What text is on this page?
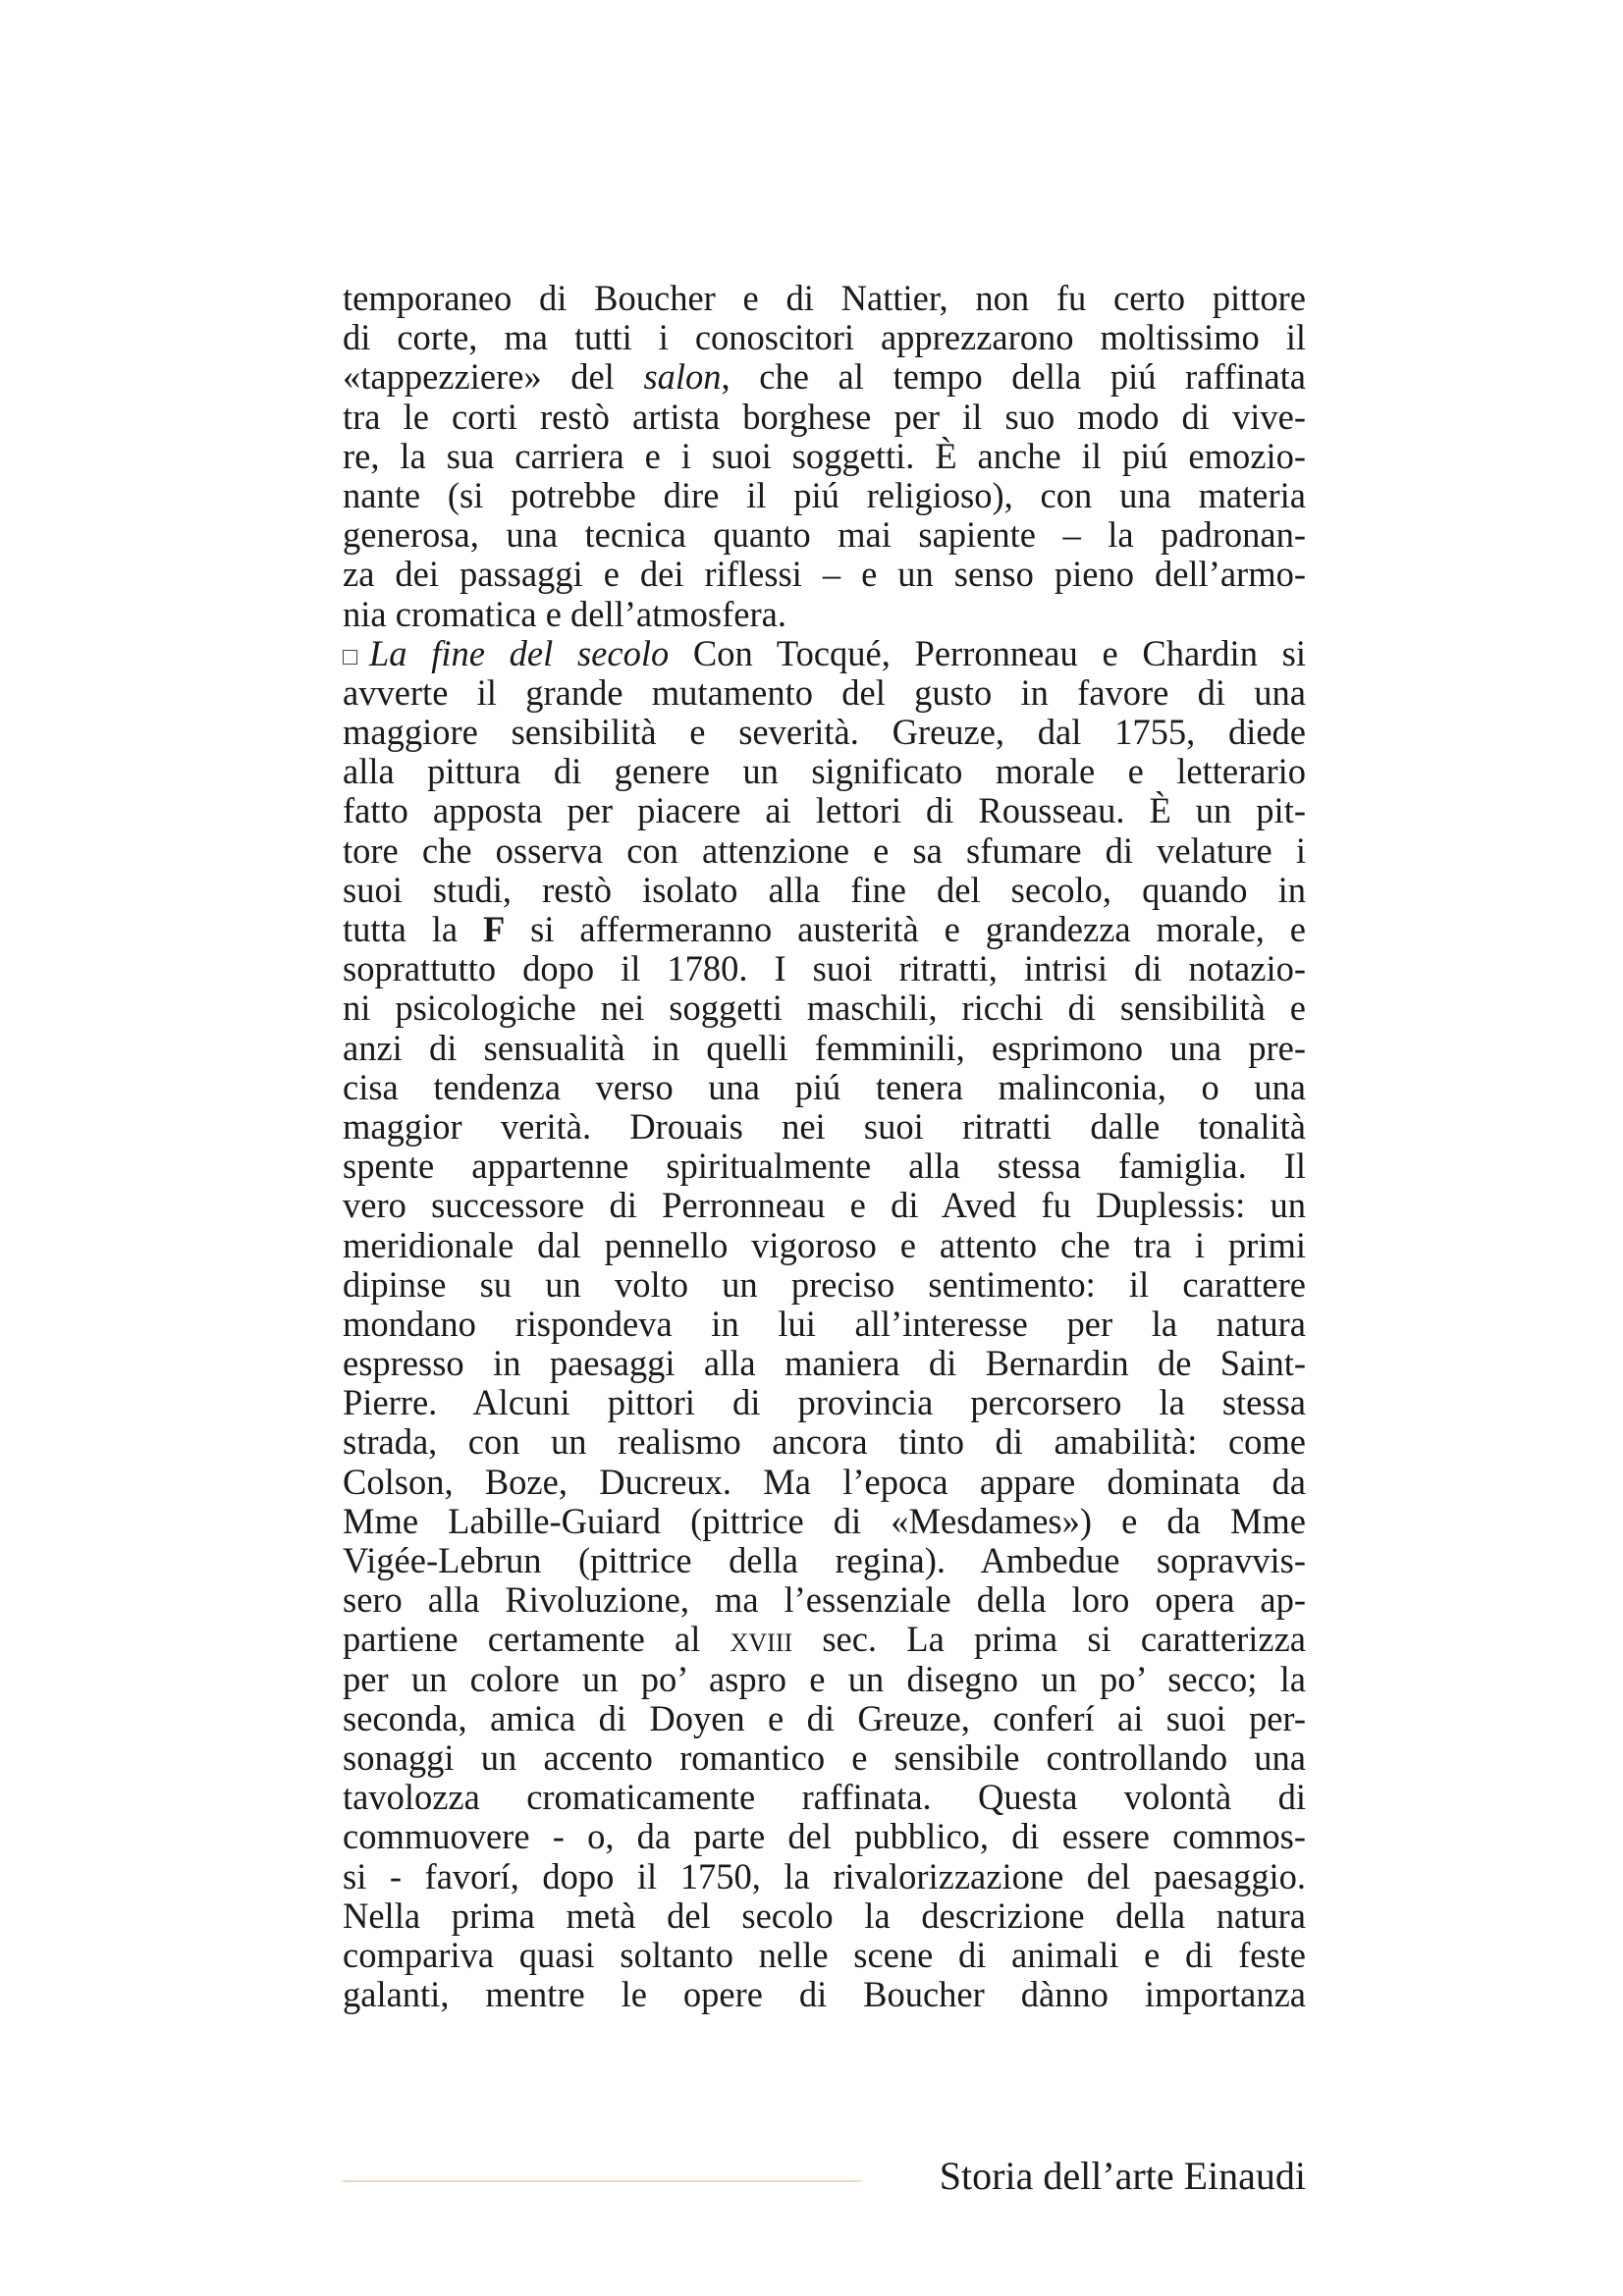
temporaneo di Boucher e di Nattier, non fu certo pittore
di corte, ma tutti i conoscitori apprezzarono moltissimo il
«tappezziere» del salon, che al tempo della piú raffinata
tra le corti restò artista borghese per il suo modo di vive-
re, la sua carriera e i suoi soggetti. È anche il piú emozio-
nante (si potrebbe dire il piú religioso), con una materia
generosa, una tecnica quanto mai sapiente – la padronan-
za dei passaggi e dei riflessi – e un senso pieno dell’armo-
nia cromatica e dell’atmosfera.
La fine del secolo Con Tocqué, Perronneau e Chardin si
avverte il grande mutamento del gusto in favore di una
maggiore sensibilità e severità. Greuze, dal 1755, diede
alla pittura di genere un significato morale e letterario
fatto apposta per piacere ai lettori di Rousseau. È un pit-
tore che osserva con attenzione e sa sfumare di velature i
suoi studi, restò isolato alla fine del secolo, quando in
tutta la F si affermeranno austerità e grandezza morale, e
soprattutto dopo il 1780. I suoi ritratti, intrisi di notazio-
ni psicologiche nei soggetti maschili, ricchi di sensibilità e
anzi di sensualità in quelli femminili, esprimono una pre-
cisa tendenza verso una piú tenera malinconia, o una
maggior verità. Drouais nei suoi ritratti dalle tonalità
spente appartenne spiritualmente alla stessa famiglia. Il
vero successore di Perronneau e di Aved fu Duplessis: un
meridionale dal pennello vigoroso e attento che tra i primi
dipinse su un volto un preciso sentimento: il carattere
mondano rispondeva in lui all’interesse per la natura
espresso in paesaggi alla maniera di Bernardin de Saint-
Pierre. Alcuni pittori di provincia percorsero la stessa
strada, con un realismo ancora tinto di amabilità: come
Colson, Boze, Ducreux. Ma l’epoca appare dominata da
Mme Labille-Guiard (pittrice di «Mesdames») e da Mme
Vigée-Lebrun (pittrice della regina). Ambedue sopravvis-
sero alla Rivoluzione, ma l’essenziale della loro opera ap-
partiene certamente al xviii sec. La prima si caratterizza
per un colore un po’ aspro e un disegno un po’ secco; la
seconda, amica di Doyen e di Greuze, conferí ai suoi per-
sonaggi un accento romantico e sensibile controllando una
tavolozza cromaticamente raffinata. Questa volontà di
commuovere - o, da parte del pubblico, di essere commos-
si - favorí, dopo il 1750, la rivalorizzazione del paesaggio.
Nella prima metà del secolo la descrizione della natura
compariva quasi soltanto nelle scene di animali e di feste
galanti, mentre le opere di Boucher dànno importanza
Storia dell’arte Einaudi
